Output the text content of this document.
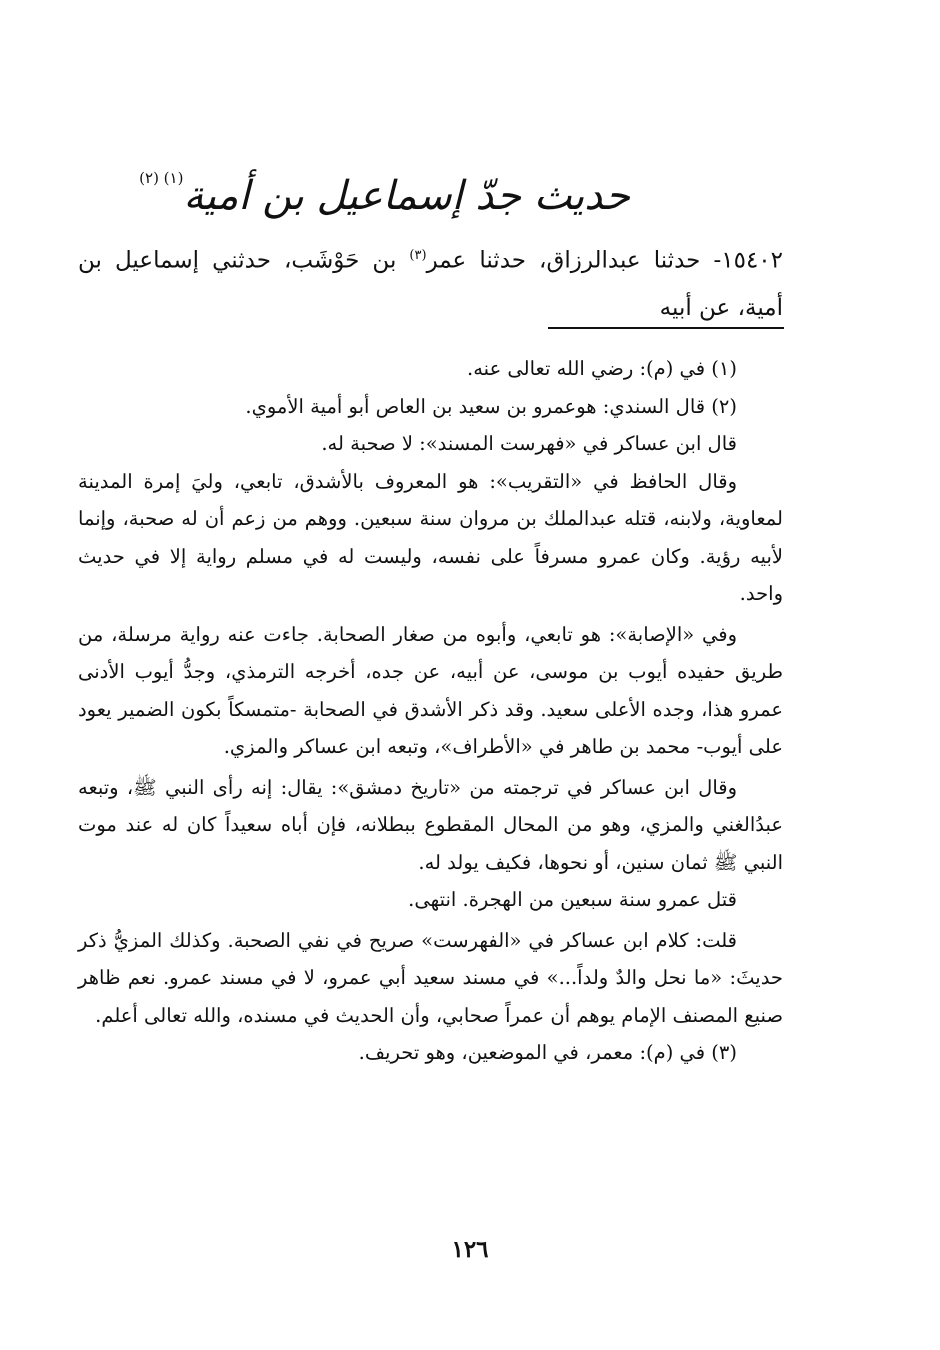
حديث جدّ إسماعيل بن أمية$^{(١) (٢)}$
١٥٤٠٢- حدثنا عبدالرزاق، حدثنا عمر$^{(٣)}$ بن حَوْشَب، حدثني إسماعيل بن أمية، عن أبيه

(١) في (م): رضي الله تعالى عنه.

(٢) قال السندي: هوعمرو بن سعيد بن العاص أبو أمية الأموي.

قال ابن عساكر في «فهرست المسند»: لا صحبة له.

وقال الحافظ في «التقريب»: هو المعروف بالأشدق، تابعي، وليَ إمرة المدينة لمعاوية، ولابنه، قتله عبدالملك بن مروان سنة سبعين. ووهم من زعم أن له صحبة، وإنما لأبيه رؤية. وكان عمرو مسرفاً على نفسه، وليست له في مسلم رواية إلا في حديث واحد.

وفي «الإصابة»: هو تابعي، وأبوه من صغار الصحابة. جاءت عنه رواية مرسلة، من طريق حفيده أيوب بن موسى، عن أبيه، عن جده، أخرجه الترمذي، وجدُّ أيوب الأدنى عمرو هذا، وجده الأعلى سعيد. وقد ذكر الأشدق في الصحابة -متمسكاً بكون الضمير يعود على أيوب- محمد بن طاهر في «الأطراف»، وتبعه ابن عساكر والمزي.

وقال ابن عساكر في ترجمته من «تاريخ دمشق»: يقال: إنه رأى النبي ﷺ، وتبعه عبدُالغني والمزي، وهو من المحال المقطوع ببطلانه، فإن أباه سعيداً كان له عند موت النبي ﷺ ثمان سنين، أو نحوها، فكيف يولد له.

قتل عمرو سنة سبعين من الهجرة. انتهى.

قلت: كلام ابن عساكر في «الفهرست» صريح في نفي الصحبة. وكذلك المزيُّ ذكر حديثَ: «ما نحل والدٌ ولداً...» في مسند سعيد أبي عمرو، لا في مسند عمرو. نعم ظاهر صنيع المصنف الإمام يوهم أن عمراً صحابي، وأن الحديث في مسنده، والله تعالى أعلم.

(٣) في (م): معمر، في الموضعين، وهو تحريف.

١٢٦
